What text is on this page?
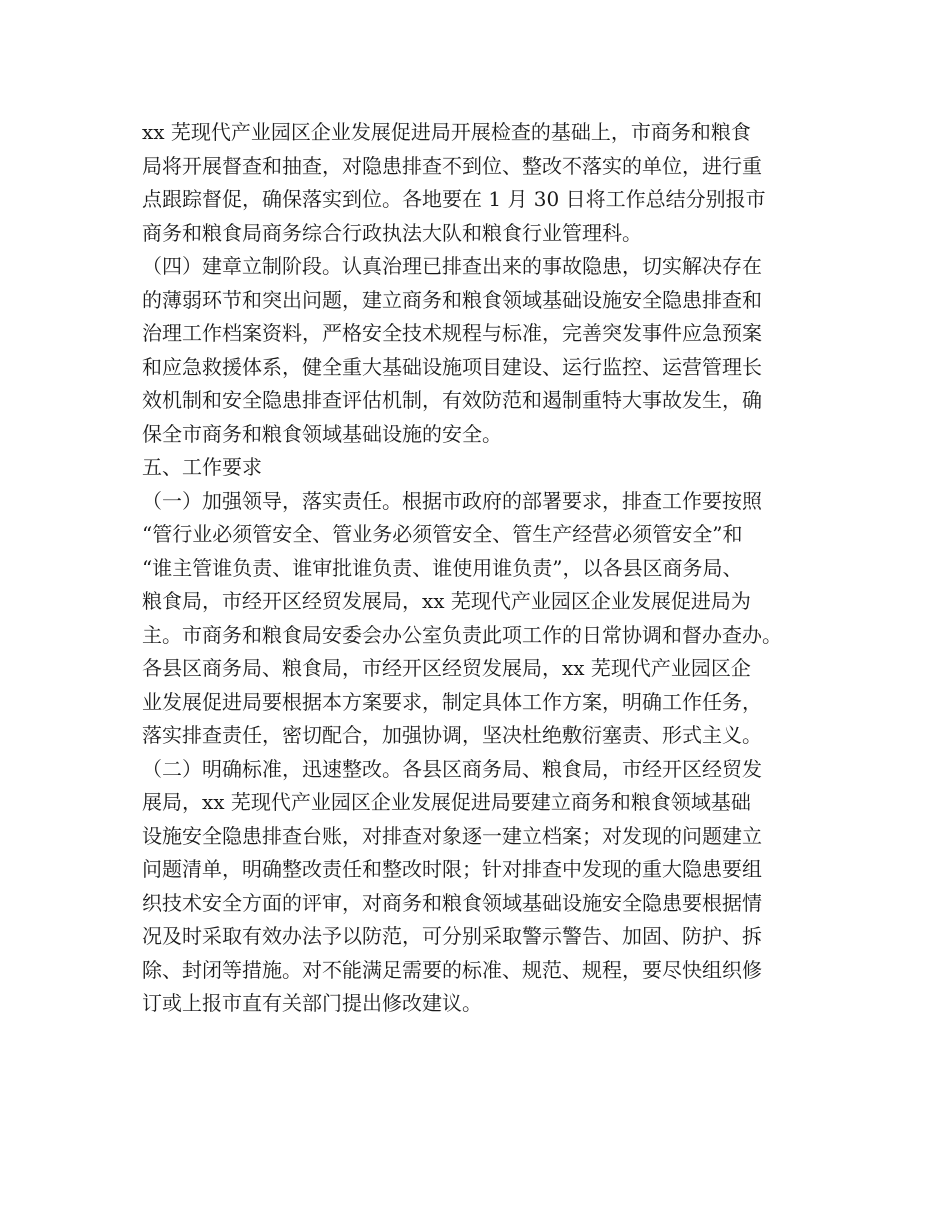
xx 芜现代产业园区企业发展促进局开展检查的基础上，市商务和粮食
局将开展督查和抽查，对隐患排查不到位、整改不落实的单位，进行重
点跟踪督促，确保落实到位。各地要在 1 月 30 日将工作总结分别报市
商务和粮食局商务综合行政执法大队和粮食行业管理科。
（四）建章立制阶段。认真治理已排查出来的事故隐患，切实解决存在
的薄弱环节和突出问题，建立商务和粮食领域基础设施安全隐患排查和
治理工作档案资料，严格安全技术规程与标准，完善突发事件应急预案
和应急救援体系，健全重大基础设施项目建设、运行监控、运营管理长
效机制和安全隐患排查评估机制，有效防范和遏制重特大事故发生，确
保全市商务和粮食领域基础设施的安全。
五、工作要求
（一）加强领导，落实责任。根据市政府的部署要求，排查工作要按照
“管行业必须管安全、管业务必须管安全、管生产经营必须管安全”和
“谁主管谁负责、谁审批谁负责、谁使用谁负责”，以各县区商务局、
粮食局，市经开区经贸发展局，xx 芜现代产业园区企业发展促进局为
主。市商务和粮食局安委会办公室负责此项工作的日常协调和督办查办。
各县区商务局、粮食局，市经开区经贸发展局，xx 芜现代产业园区企
业发展促进局要根据本方案要求，制定具体工作方案，明确工作任务，
落实排查责任，密切配合，加强协调，坚决杜绝敷衍塞责、形式主义。
（二）明确标准，迅速整改。各县区商务局、粮食局，市经开区经贸发
展局，xx 芜现代产业园区企业发展促进局要建立商务和粮食领域基础
设施安全隐患排查台账，对排查对象逐一建立档案；对发现的问题建立
问题清单，明确整改责任和整改时限；针对排查中发现的重大隐患要组
织技术安全方面的评审，对商务和粮食领域基础设施安全隐患要根据情
况及时采取有效办法予以防范，可分别采取警示警告、加固、防护、拆
除、封闭等措施。对不能满足需要的标准、规范、规程，要尽快组织修
订或上报市直有关部门提出修改建议。
